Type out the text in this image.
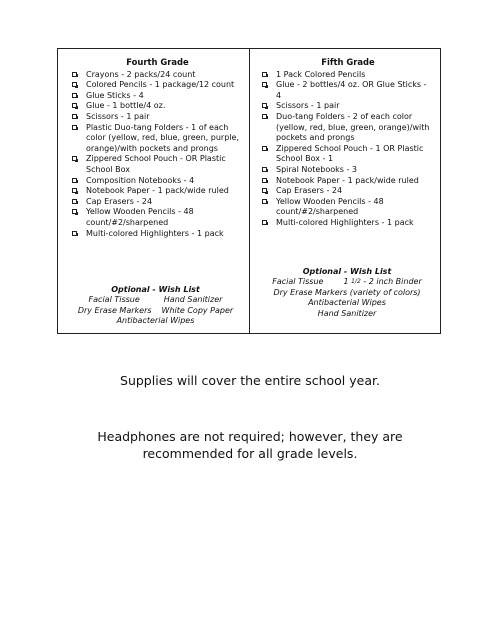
Fourth Grade
Crayons - 2 packs/24 count
Colored Pencils - 1 package/12 count
Glue Sticks - 4
Glue - 1 bottle/4 oz.
Scissors - 1 pair
Plastic Duo-tang Folders - 1 of each color (yellow, red, blue, green, purple, orange)/with pockets and prongs
Zippered School Pouch - OR Plastic School Box
Composition Notebooks - 4
Notebook Paper - 1 pack/wide ruled
Cap Erasers - 24
Yellow Wooden Pencils - 48 count/#2/sharpened
Multi-colored Highlighters - 1 pack
Optional - Wish List
Facial Tissue	Hand Sanitizer
Dry Erase Markers White Copy Paper
Antibacterial Wipes
Fifth Grade
1 Pack Colored Pencils
Glue - 2 bottles/4 oz. OR Glue Sticks - 4
Scissors - 1 pair
Duo-tang Folders - 2 of each color (yellow, red, blue, green, orange)/with pockets and prongs
Zippered School Pouch - 1 OR Plastic School Box - 1
Spiral Notebooks - 3
Notebook Paper - 1 pack/wide ruled
Cap Erasers - 24
Yellow Wooden Pencils - 48 count/#2/sharpened
Multi-colored Highlighters - 1 pack
Optional - Wish List
Facial Tissue	1 1/2 - 2 inch Binder
Dry Erase Markers (variety of colors)
Antibacterial Wipes
Hand Sanitizer
Supplies will cover the entire school year.
Headphones are not required; however, they are
recommended for all grade levels.
